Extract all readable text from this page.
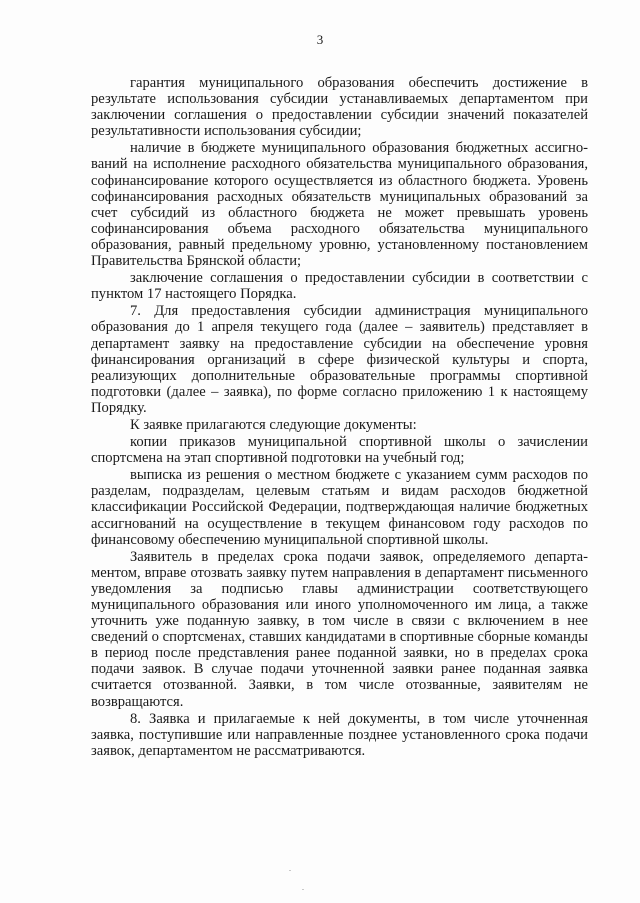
3

гарантия муниципального образования обеспечить достижение в результате использования субсидии устанавливаемых департаментом при заключении соглашения о предоставлении субсидии значений показателей результативности использования субсидии;

наличие в бюджете муниципального образования бюджетных ассигнований на исполнение расходного обязательства муниципального образования, софинансирование которого осуществляется из областного бюджета. Уровень софинансирования расходных обязательств муниципальных образований за счет субсидий из областного бюджета не может превышать уровень софинансирования объема расходного обязательства муниципального образования, равный предельному уровню, установленному постановлением Правительства Брянской области;

заключение соглашения о предоставлении субсидии в соответствии с пунктом 17 настоящего Порядка.

7. Для предоставления субсидии администрация муниципального образования до 1 апреля текущего года (далее – заявитель) представляет в департамент заявку на предоставление субсидии на обеспечение уровня финансирования организаций в сфере физической культуры и спорта, реализующих дополнительные образовательные программы спортивной подготовки (далее – заявка), по форме согласно приложению 1 к настоящему Порядку.

К заявке прилагаются следующие документы:

копии приказов муниципальной спортивной школы о зачислении спортсмена на этап спортивной подготовки на учебный год;

выписка из решения о местном бюджете с указанием сумм расходов по разделам, подразделам, целевым статьям и видам расходов бюджетной классификации Российской Федерации, подтверждающая наличие бюджетных ассигнований на осуществление в текущем финансовом году расходов по финансовому обеспечению муниципальной спортивной школы.

Заявитель в пределах срока подачи заявок, определяемого департаментом, вправе отозвать заявку путем направления в департамент письменного уведомления за подписью главы администрации соответствующего муниципального образования или иного уполномоченного им лица, а также уточнить уже поданную заявку, в том числе в связи с включением в нее сведений о спортсменах, ставших кандидатами в спортивные сборные команды в период после представления ранее поданной заявки, но в пределах срока подачи заявок. В случае подачи уточненной заявки ранее поданная заявка считается отозванной. Заявки, в том числе отозванные, заявителям не возвращаются.

8. Заявка и прилагаемые к ней документы, в том числе уточненная заявка, поступившие или направленные позднее установленного срока подачи заявок, департаментом не рассматриваются.
